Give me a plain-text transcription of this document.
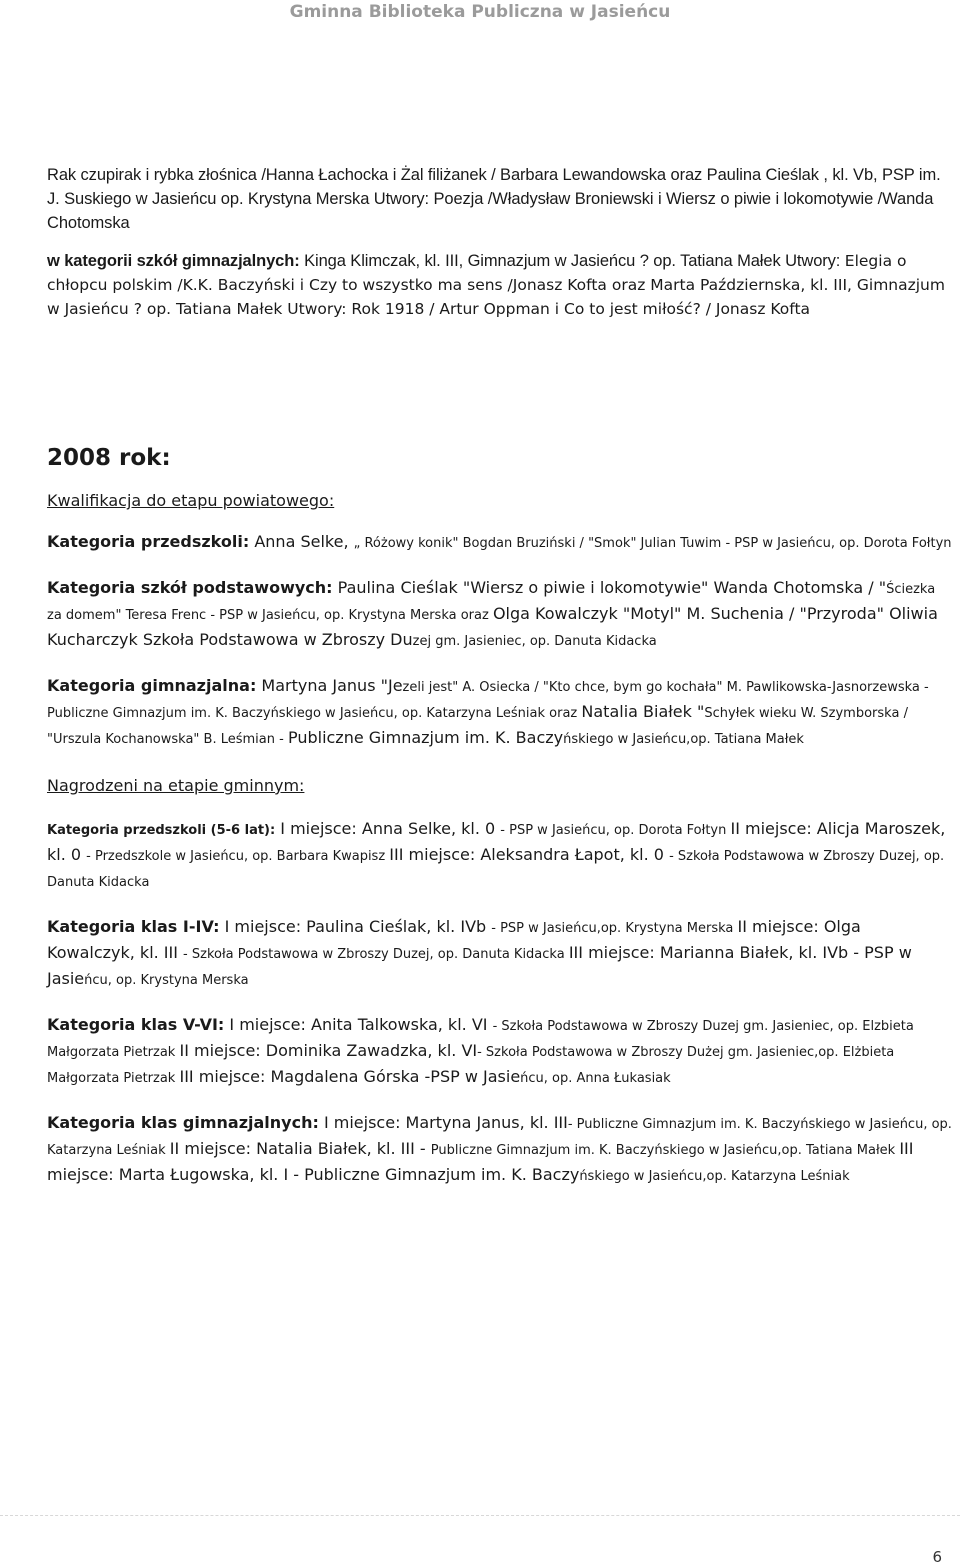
Gminna Biblioteka Publiczna w Jasieńcu

Rak czupirak i rybka złośnica /Hanna Łachocka i Żal filiżanek / Barbara Lewandowska oraz Paulina Cieślak , kl. Vb, PSP im. J. Suskiego w Jasieńcu op. Krystyna Merska Utwory: Poezja /Władysław Broniewski i Wiersz o piwie i lokomotywie /Wanda Chotomska

w kategorii szkół gimnazjalnych: Kinga Klimczak, kl. III, Gimnazjum w Jasieńcu ? op. Tatiana Małek Utwory: Elegia o chłopcu polskim /K.K. Baczyński i Czy to wszystko ma sens /Jonasz Kofta oraz Marta Październska, kl. III, Gimnazjum w Jasieńcu ? op. Tatiana Małek Utwory: Rok 1918 / Artur Oppman i Co to jest miłość? / Jonasz Kofta

2008 rok:

Kwalifikacja do etapu powiatowego:

Kategoria przedszkoli: Anna Selke, „ Różowy konik" Bogdan Bruziński / "Smok" Julian Tuwim - PSP w Jasieńcu, op. Dorota Fołtyn

Kategoria szkół podstawowych: Paulina Cieślak "Wiersz o piwie i lokomotywie" Wanda Chotomska / "Ściezka za domem" Teresa Frenc - PSP w Jasieńcu, op. Krystyna Merska oraz Olga Kowalczyk "Motyl" M. Suchenia / "Przyroda" Oliwia Kucharczyk Szkoła Podstawowa w Zbroszy Duzej gm. Jasieniec, op. Danuta Kidacka

Kategoria gimnazjalna: Martyna Janus "Jezeli jest" A. Osiecka / "Kto chce, bym go kochała" M. Pawlikowska-Jasnorzewska - Publiczne Gimnazjum im. K. Baczyńskiego w Jasieńcu, op. Katarzyna Leśniak oraz Natalia Białek "Schyłek wieku W. Szymborska / "Urszula Kochanowska" B. Leśmian - Publiczne Gimnazjum im. K. Baczyńskiego w Jasieńcu,op. Tatiana Małek

Nagrodzeni na etapie gminnym:

Kategoria przedszkoli (5-6 lat): I miejsce: Anna Selke, kl. 0 - PSP w Jasieńcu, op. Dorota Fołtyn II miejsce: Alicja Maroszek, kl. 0 - Przedszkole w Jasieńcu, op. Barbara Kwapisz III miejsce: Aleksandra Łapot, kl. 0 - Szkoła Podstawowa w Zbroszy Duzej, op. Danuta Kidacka

Kategoria klas I-IV: I miejsce: Paulina Cieślak, kl. IVb - PSP w Jasieńcu,op. Krystyna Merska II miejsce: Olga Kowalczyk, kl. III - Szkoła Podstawowa w Zbroszy Duzej, op. Danuta Kidacka III miejsce: Marianna Białek, kl. IVb - PSP w Jasieńcu, op. Krystyna Merska

Kategoria klas V-VI: I miejsce: Anita Talkowska, kl. VI - Szkoła Podstawowa w Zbroszy Duzej gm. Jasieniec, op. Elzbieta Małgorzata Pietrzak II miejsce: Dominika Zawadzka, kl. VI- Szkoła Podstawowa w Zbroszy Dużej gm. Jasieniec,op. Elżbieta Małgorzata Pietrzak III miejsce: Magdalena Górska -PSP w Jasieńcu, op. Anna Łukasiak

Kategoria klas gimnazjalnych: I miejsce: Martyna Janus, kl. III- Publiczne Gimnazjum im. K. Baczyńskiego w Jasieńcu, op. Katarzyna Leśniak II miejsce: Natalia Białek, kl. III - Publiczne Gimnazjum im. K. Baczyńskiego w Jasieńcu,op. Tatiana Małek III miejsce: Marta Ługowska, kl. I - Publiczne Gimnazjum im. K. Baczyńskiego w Jasieńcu,op. Katarzyna Leśniak

6
